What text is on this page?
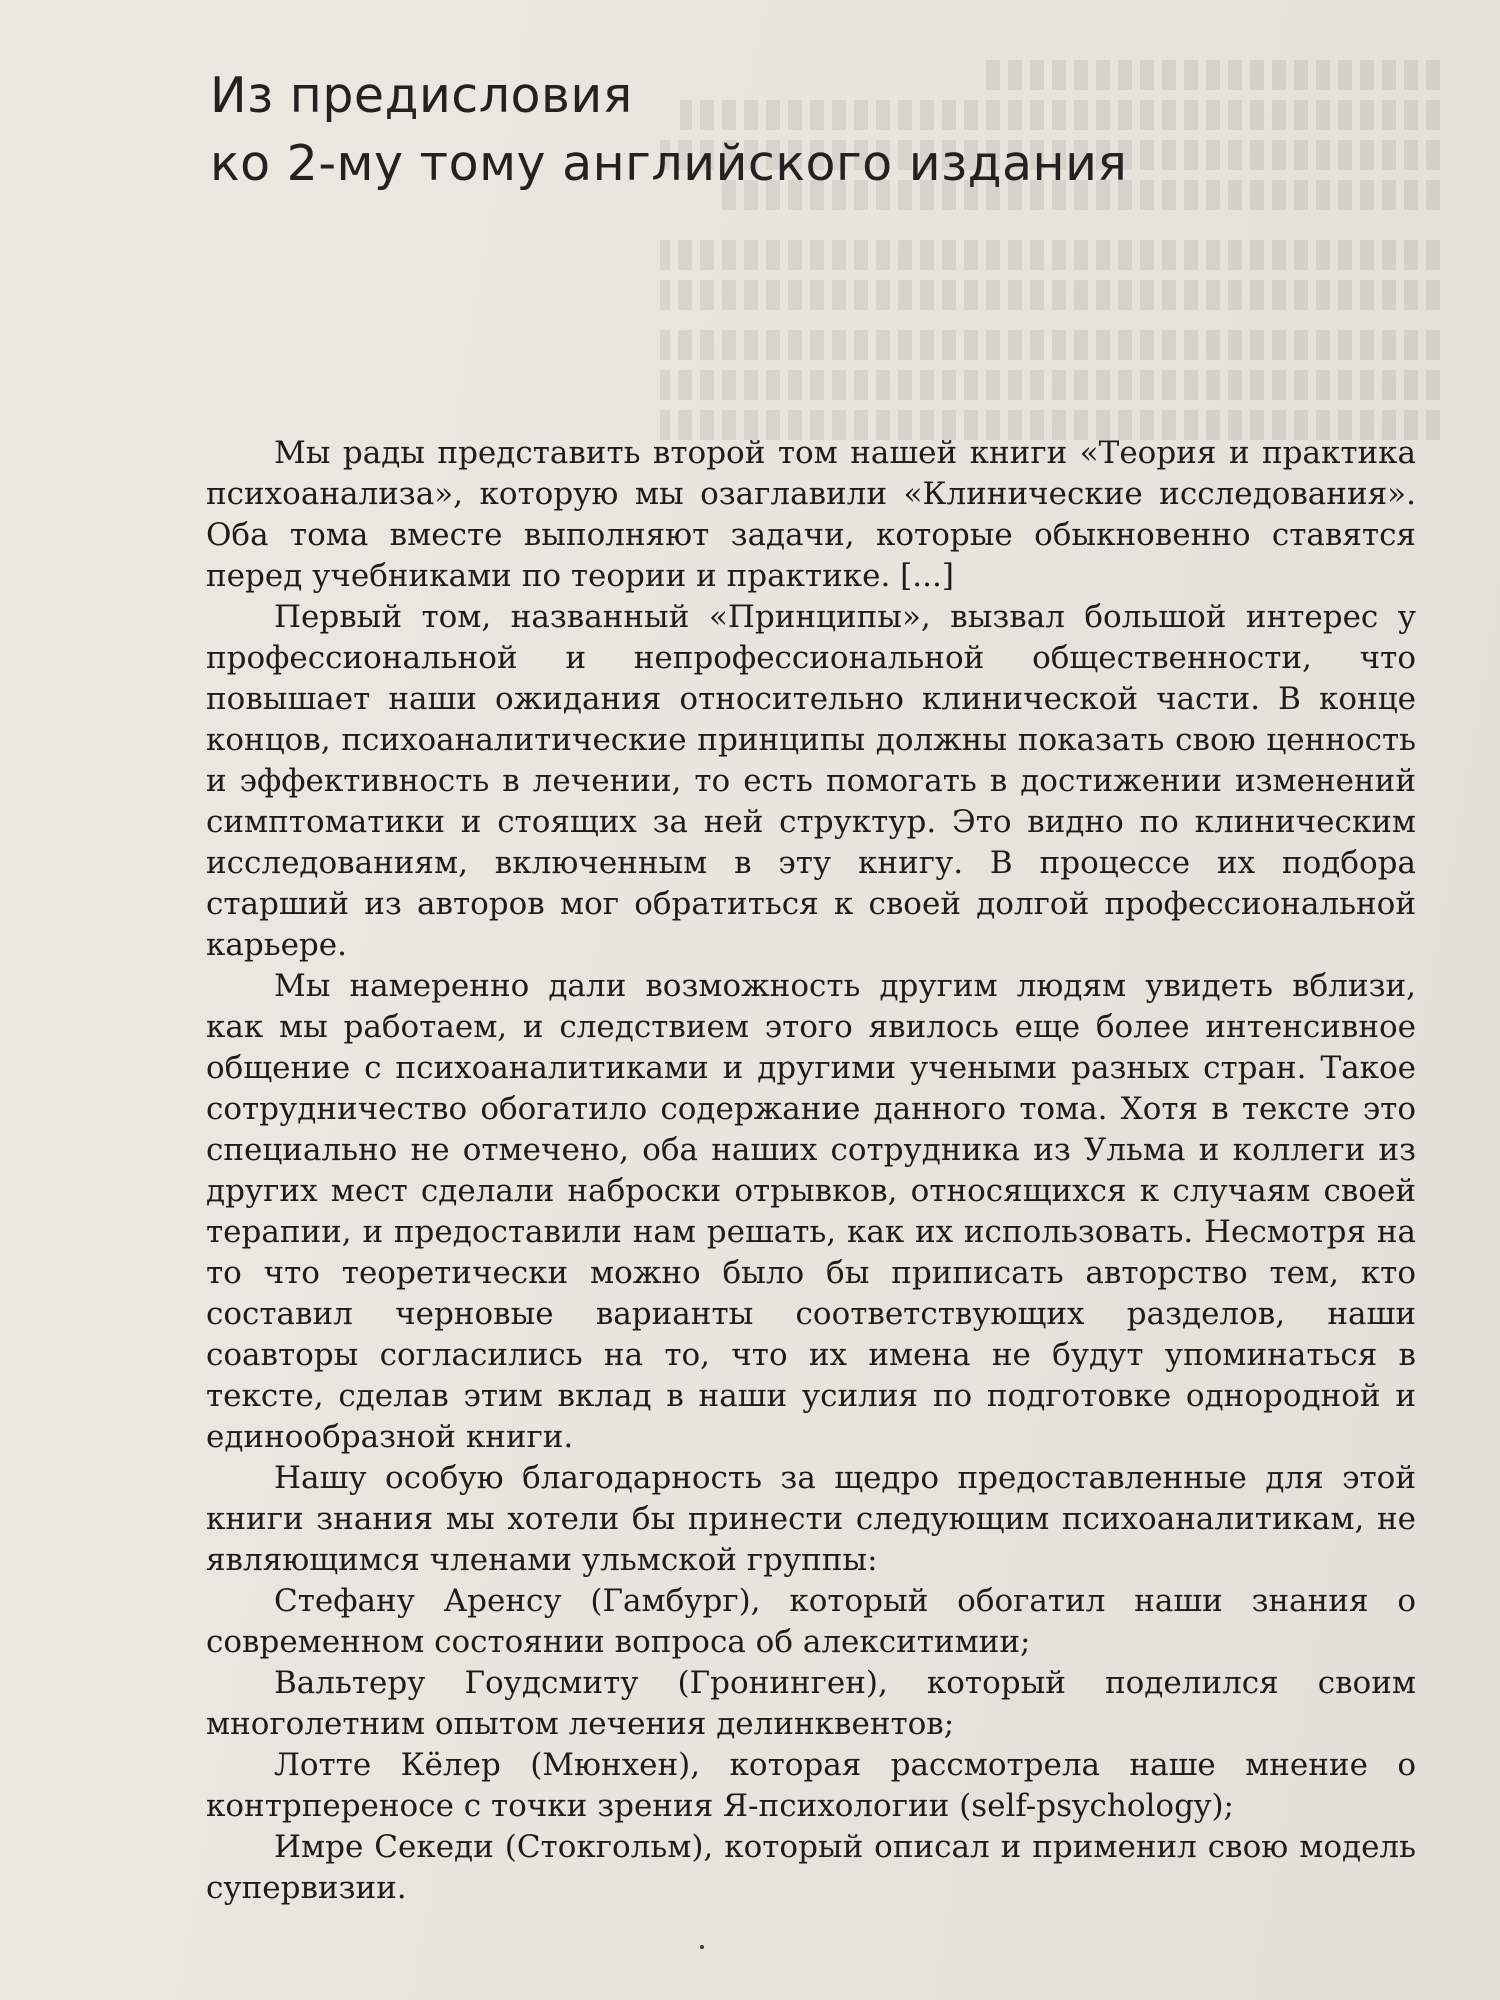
Из предисловия
ко 2-му тому английского издания

Мы рады представить второй том нашей книги «Теория и практика психоанализа», которую мы озаглавили «Клинические исследования». Оба тома вместе выполняют задачи, которые обыкновенно ставятся перед учебниками по теории и практике. [...]

Первый том, названный «Принципы», вызвал большой интерес у профессиональной и непрофессиональной общественности, что повышает наши ожидания относительно клинической части. В конце концов, психоаналитические принципы должны показать свою ценность и эффективность в лечении, то есть помогать в достижении изменений симптоматики и стоящих за ней структур. Это видно по клиническим исследованиям, включенным в эту книгу. В процессе их подбора старший из авторов мог обратиться к своей долгой профессиональной карьере.

Мы намеренно дали возможность другим людям увидеть вблизи, как мы работаем, и следствием этого явилось еще более интенсивное общение с психоаналитиками и другими учеными разных стран. Такое сотрудничество обогатило содержание данного тома. Хотя в тексте это специально не отмечено, оба наших сотрудника из Ульма и коллеги из других мест сделали наброски отрывков, относящихся к случаям своей терапии, и предоставили нам решать, как их использовать. Несмотря на то что теоретически можно было бы приписать авторство тем, кто составил черновые варианты соответствующих разделов, наши соавторы согласились на то, что их имена не будут упоминаться в тексте, сделав этим вклад в наши усилия по подготовке однородной и единообразной книги.

Нашу особую благодарность за щедро предоставленные для этой книги знания мы хотели бы принести следующим психоаналитикам, не являющимся членами ульмской группы:

Стефану Аренсу (Гамбург), который обогатил наши знания о современном состоянии вопроса об алекситимии;

Вальтеру Гоудсмиту (Гронинген), который поделился своим многолетним опытом лечения делинквентов;

Лотте Кёлер (Мюнхен), которая рассмотрела наше мнение о контрпереносе с точки зрения Я-психологии (self-psychology);

Имре Секеди (Стокгольм), который описал и применил свою модель супервизии.
